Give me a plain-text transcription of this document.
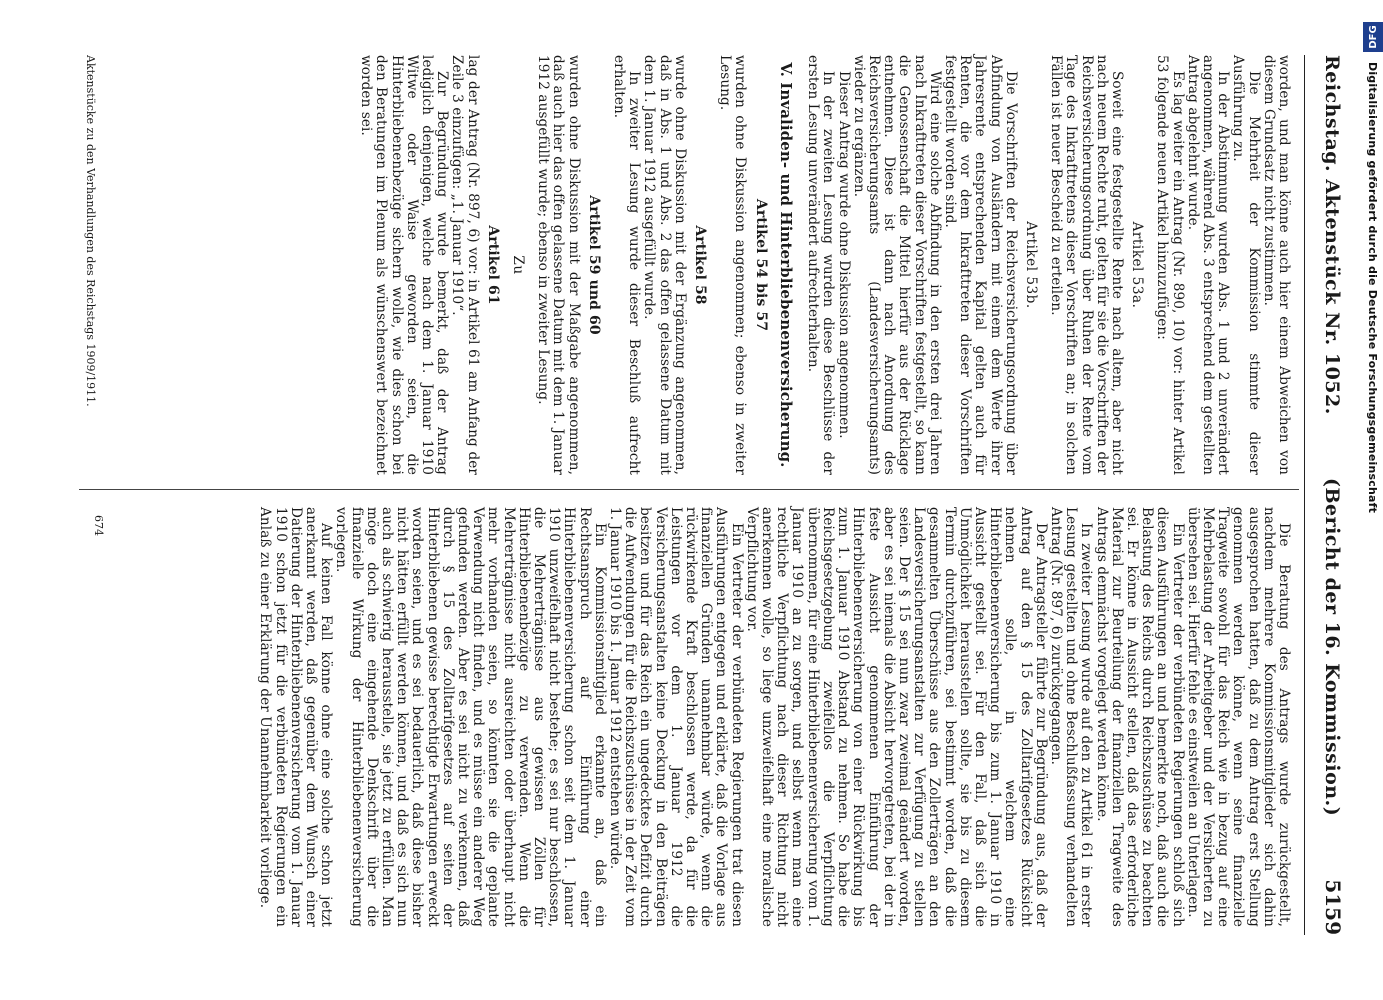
Reichstag. Aktenstück Nr. 1052.
(Bericht der 16. Kommission.)
5159

worden, und man könne auch hier einem Abweichen von diesem Grundsatz nicht zustimmen.

Die Mehrheit der Kommission stimmte dieser Ausführung zu.

In der Abstimmung wurden Abs. 1 und 2 unverändert angenommen, während Abs. 3 entsprechend dem gestellten Antrag abgelehnt wurde.

Es lag weiter ein Antrag (Nr. 890, 10) vor: hinter Artikel 53 folgende neuen Artikel hinzuzufügen:

Artikel 53a.

Soweit eine festgestellte Rente nach altem, aber nicht nach neuem Rechte ruht, gelten für sie die Vorschriften der Reichsversicherungsordnung über Ruhen der Rente vom Tage des Inkrafttretens dieser Vorschriften an; in solchen Fällen ist neuer Bescheid zu erteilen.

Artikel 53b.

Die Vorschriften der Reichsversicherungsordnung über Abfindung von Ausländern mit einem dem Werte ihrer Jahresrente entsprechenden Kapital gelten auch für Renten, die vor dem Inkrafttreten dieser Vorschriften festgestellt worden sind.

Wird eine solche Abfindung in den ersten drei Jahren nach Inkrafttreten dieser Vorschriften festgestellt, so kann die Genossenschaft die Mittel hierfür aus der Rücklage entnehmen. Diese ist dann nach Anordnung des Reichsversicherungsamts (Landesversicherungsamts) wieder zu ergänzen.

Dieser Antrag wurde ohne Diskussion angenommen.

In der zweiten Lesung wurden diese Beschlüsse der ersten Lesung unverändert aufrechterhalten.

V. Invaliden- und Hinterbliebenenversicherung.
Artikel 54 bis 57

wurden ohne Diskussion angenommen; ebenso in zweiter Lesung.

Artikel 58

wurde ohne Diskussion mit der Ergänzung angenommen, daß in Abs. 1 und Abs. 2 das offen gelassene Datum mit dem 1. Januar 1912 ausgefüllt wurde.

In zweiter Lesung wurde dieser Beschluß aufrecht erhalten.

Artikel 59 und 60

wurden ohne Diskussion mit der Maßgabe angenommen, daß auch hier das offen gelassene Datum mit dem 1. Januar 1912 ausgefüllt wurde; ebenso in zweiter Lesung.

Zu
Artikel 61

lag der Antrag (Nr. 897, 6) vor: in Artikel 61 am Anfang der Zeile 3 einzufügen: „1. Januar 1910“.

Zur Begründung wurde bemerkt, daß der Antrag lediglich denjenigen, welche nach dem 1. Januar 1910 Witwe oder Waise geworden seien, die Hinterbliebenenbezüge sichern wolle, wie dies schon bei den Beratungen im Plenum als wünschenswert bezeichnet worden sei.

Die Beratung des Antrags wurde zurückgestellt, nachdem mehrere Kommissionsmitglieder sich dahin ausgesprochen hatten, daß zu dem Antrag erst Stellung genommen werden könne, wenn seine finanzielle Tragweite sowohl für das Reich wie in bezug auf eine Mehrbelastung der Arbeitgeber und der Versicherten zu übersehen sei. Hierfür fehle es einstweilen an Unterlagen.

Ein Vertreter der verbündeten Regierungen schloß sich diesen Ausführungen an und bemerkte noch, daß auch die Belastung des Reichs durch Reichszuschüsse zu beachten sei. Er könne in Aussicht stellen, daß das erforderliche Material zur Beurteilung der finanziellen Tragweite des Antrags demnächst vorgelegt werden könne.

In zweiter Lesung wurde auf den zu Artikel 61 in erster Lesung gestellten und ohne Beschlußfassung verhandelten Antrag (Nr. 897, 6) zurückgegangen.

Der Antragsteller führte zur Begründung aus, daß der Antrag auf den § 15 des Zolltarifgesetzes Rücksicht nehmen solle, in welchem eine Hinterbliebenenversicherung bis zum 1. Januar 1910 in Aussicht gestellt sei. Für den Fall, daß sich die Unmöglichkeit herausstellen sollte, sie bis zu diesem Termin durchzuführen, sei bestimmt worden, daß die gesammelten Überschüsse aus den Zollerträgen an den Landesversicherungsanstalten zur Verfügung zu stellen seien. Der § 15 sei nun zwar zweimal geändert worden, aber es sei niemals die Absicht hervorgetreten, bei der in feste Aussicht genommenen Einführung der Hinterbliebenenversicherung von einer Rückwirkung bis zum 1. Januar 1910 Abstand zu nehmen. So habe die Reichsgesetzgebung zweifellos die Verpflichtung übernommen, für eine Hinterbliebenenversicherung vom 1. Januar 1910 an zu sorgen, und selbst wenn man eine rechtliche Verpflichtung nach dieser Richtung nicht anerkennen wolle, so liege unzweifelhaft eine moralische Verpflichtung vor.

Ein Vertreter der verbündeten Regierungen trat diesen Ausführungen entgegen und erklärte, daß die Vorlage aus finanziellen Gründen unannehmbar würde, wenn die rückwirkende Kraft beschlossen werde, da für die Leistungen vor dem 1. Januar 1912 die Versicherungsanstalten keine Deckung in den Beiträgen besitzen und für das Reich ein ungedecktes Defizit durch die Aufwendungen für die Reichszuschüsse in der Zeit vom 1. Januar 1910 bis 1. Januar 1912 entstehen würde.

Ein Kommissionsmitglied erkannte an, daß ein Rechtsanspruch auf Einführung einer Hinterbliebenenversicherung schon seit dem 1. Januar 1910 unzweifelhaft nicht bestehe; es sei nur beschlossen, die Mehrerträgnisse aus gewissen Zöllen für Hinterbliebenenbezüge zu verwenden. Wenn die Mehrerträgnisse nicht ausreichten oder überhaupt nicht mehr vorhanden seien, so könnten sie die geplante Verwendung nicht finden, und es müsse ein anderer Weg gefunden werden. Aber es sei nicht zu verkennen, daß durch § 15 des Zolltarifgesetzes auf seiten der Hinterbliebenen gewisse berechtigte Erwartungen erweckt worden seien, und es sei bedauerlich, daß diese bisher nicht hätten erfüllt werden können, und daß es sich nun auch als schwierig herausstelle, sie jetzt zu erfüllen. Man möge doch eine eingehende Denkschrift über die finanzielle Wirkung der Hinterbliebenenversicherung vorlegen.

Auf keinen Fall könne ohne eine solche schon jetzt anerkannt werden, daß gegenüber dem Wunsch einer Datierung der Hinterbliebenenversicherung vom 1. Januar 1910 schon jetzt für die verbündeten Regierungen ein Anlaß zu einer Erklärung der Unannehmbarkeit vorliege.

Aktenstücke zu den Verhandlungen des Reichstags 1909/1911.
674
DFG
Digitalisierung gefördert durch die Deutsche Forschungsgemeinschaft
